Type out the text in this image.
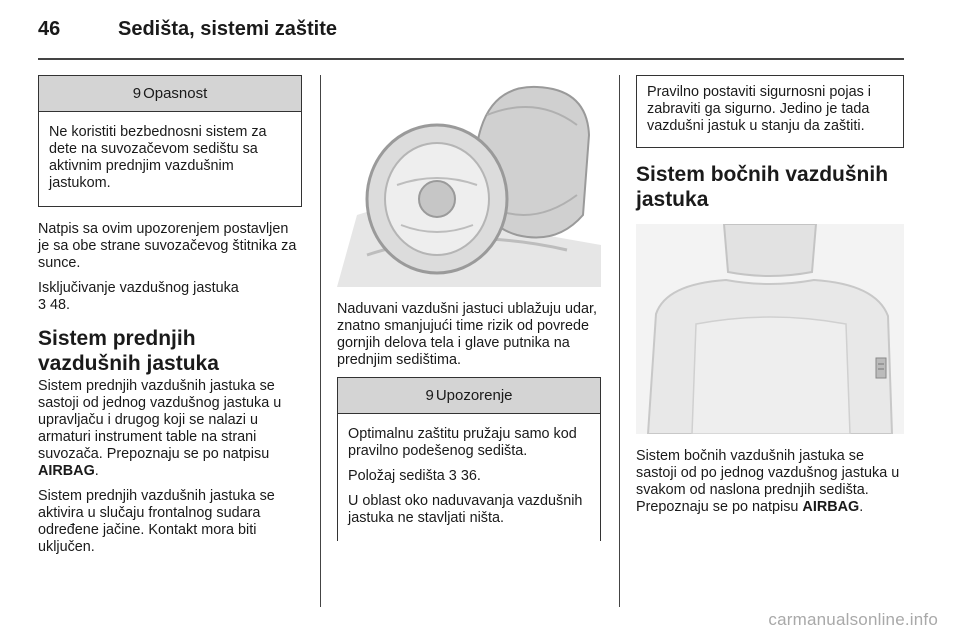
46	Sedišta, sistemi zaštite
9 Opasnost

Ne koristiti bezbednosni sistem za dete na suvozačevom sedištu sa aktivnim prednjim vazdušnim jastukom.

Natpis sa ovim upozorenjem postavljen je sa obe strane suvozačevog štitnika za sunce.

Isključivanje vazdušnog jastuka
3 48.

Sistem prednjih vazdušnih jastuka

Sistem prednjih vazdušnih jastuka se sastoji od jednog vazdušnog jastuka u upravljaču i drugog koji se nalazi u armaturi instrument table na strani suvozača. Prepoznaju se po natpisu AIRBAG.

Sistem prednjih vazdušnih jastuka se aktivira u slučaju frontalnog sudara određene jačine. Kontakt mora biti uključen.

Naduvani vazdušni jastuci ublažuju udar, znatno smanjujući time rizik od povrede gornjih delova tela i glave putnika na prednjim sedištima.

9 Upozorenje

Optimalnu zaštitu pružaju samo kod pravilno podešenog sedišta.

Položaj sedišta 3 36.

U oblast oko naduvavanja vazdušnih jastuka ne stavljati ništa.

Pravilno postaviti sigurnosni pojas i zabraviti ga sigurno. Jedino je tada vazdušni jastuk u stanju da zaštiti.

Sistem bočnih vazdušnih jastuka

Sistem bočnih vazdušnih jastuka se sastoji od po jednog vazdušnog jastuka u svakom od naslona prednjih sedišta. Prepoznaju se po natpisu AIRBAG.

carmanualsonline.info
